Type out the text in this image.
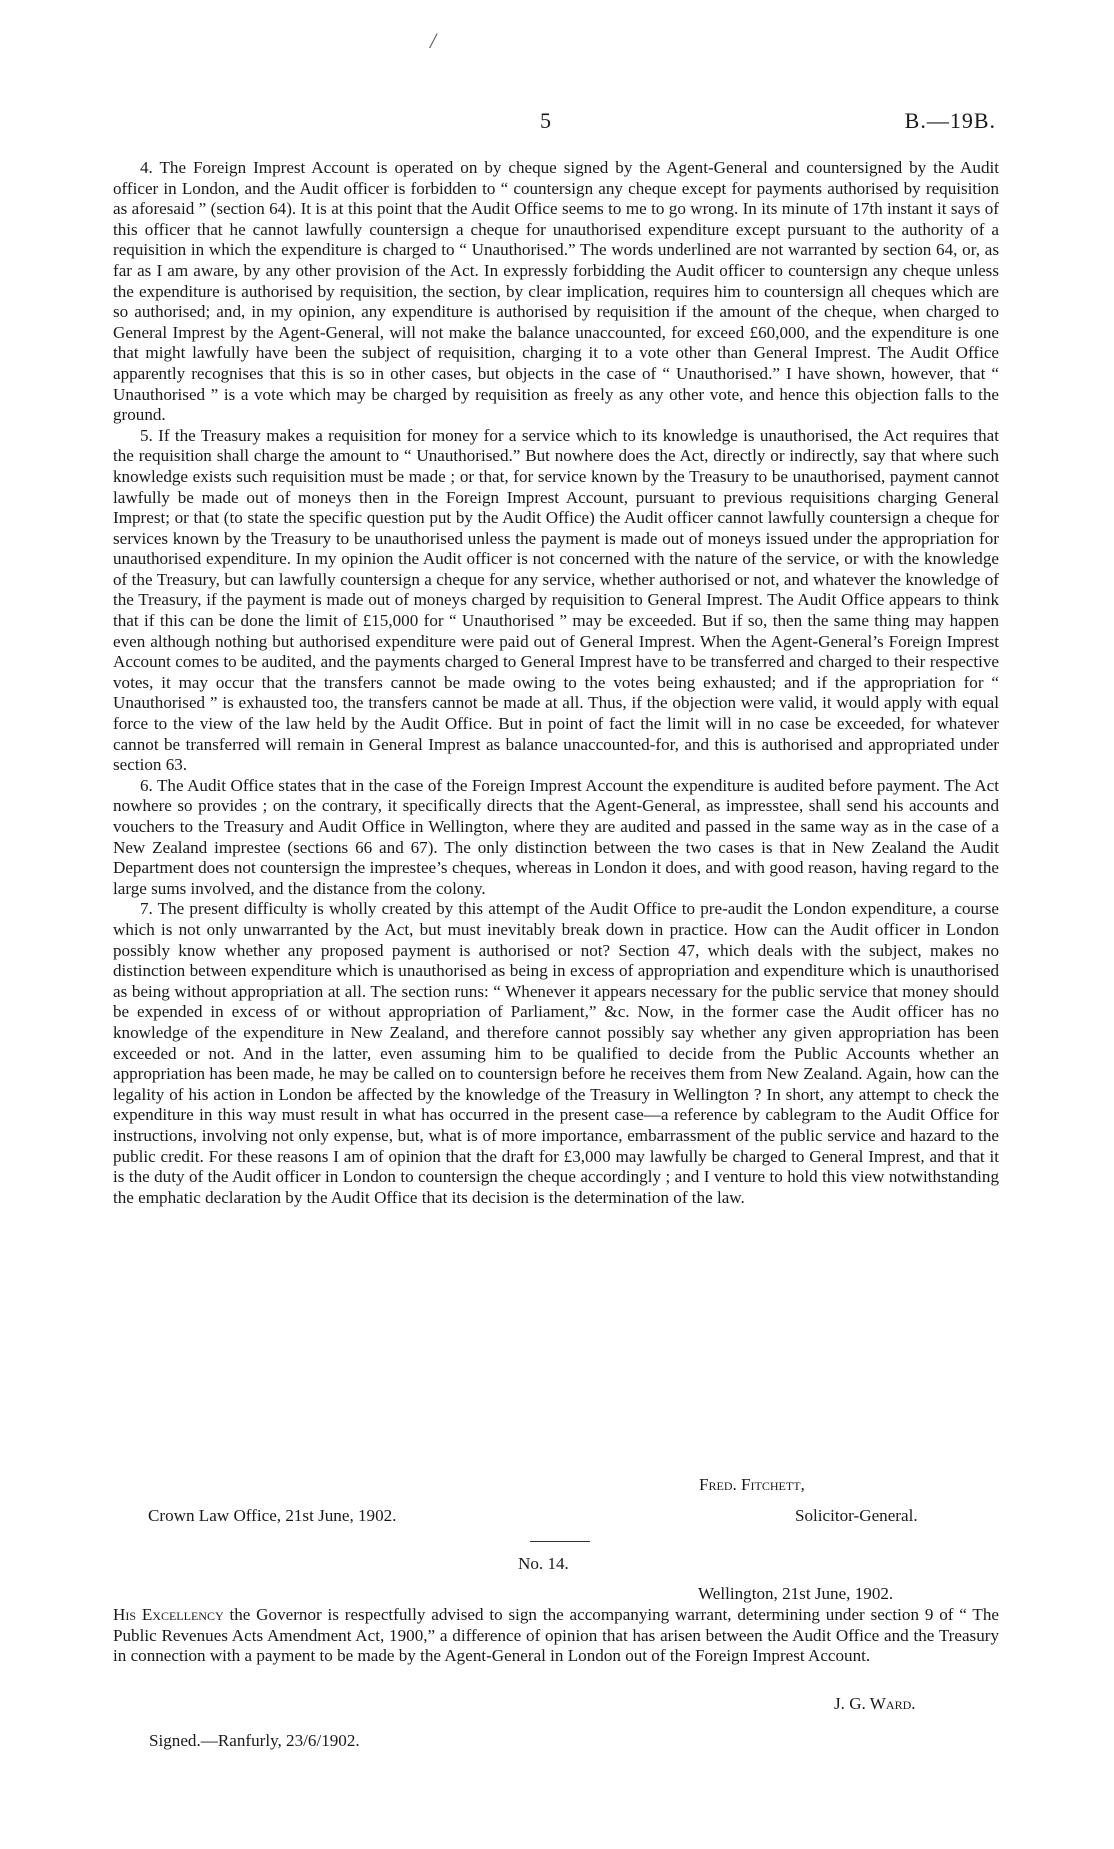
/
5	B.—19B.

4. The Foreign Imprest Account is operated on by cheque signed by the Agent-General and countersigned by the Audit officer in London, and the Audit officer is forbidden to “ countersign any cheque except for payments authorised by requisition as aforesaid ” (section 64). It is at this point that the Audit Office seems to me to go wrong. In its minute of 17th instant it says of this officer that he cannot lawfully countersign a cheque for unauthorised expenditure except pursuant to the authority of a requisition in which the expenditure is charged to “ Unauthorised.” The words underlined are not warranted by section 64, or, as far as I am aware, by any other provision of the Act. In expressly forbidding the Audit officer to countersign any cheque unless the expenditure is authorised by requisition, the section, by clear implication, requires him to countersign all cheques which are so authorised; and, in my opinion, any expenditure is authorised by requisition if the amount of the cheque, when charged to General Imprest by the Agent-General, will not make the balance unaccounted, for exceed £60,000, and the expenditure is one that might lawfully have been the subject of requisition, charging it to a vote other than General Imprest. The Audit Office apparently recognises that this is so in other cases, but objects in the case of “ Unauthorised.” I have shown, however, that “ Unauthorised ” is a vote which may be charged by requisition as freely as any other vote, and hence this objection falls to the ground.

5. If the Treasury makes a requisition for money for a service which to its knowledge is unauthorised, the Act requires that the requisition shall charge the amount to “ Unauthorised.” But nowhere does the Act, directly or indirectly, say that where such knowledge exists such requisition must be made ; or that, for service known by the Treasury to be unauthorised, payment cannot lawfully be made out of moneys then in the Foreign Imprest Account, pursuant to previous requisitions charging General Imprest; or that (to state the specific question put by the Audit Office) the Audit officer cannot lawfully countersign a cheque for services known by the Treasury to be unauthorised unless the payment is made out of moneys issued under the appropriation for unauthorised expenditure. In my opinion the Audit officer is not concerned with the nature of the service, or with the knowledge of the Treasury, but can lawfully countersign a cheque for any service, whether authorised or not, and whatever the knowledge of the Treasury, if the payment is made out of moneys charged by requisition to General Imprest. The Audit Office appears to think that if this can be done the limit of £15,000 for “ Unauthorised ” may be exceeded. But if so, then the same thing may happen even although nothing but authorised expenditure were paid out of General Imprest. When the Agent-General’s Foreign Imprest Account comes to be audited, and the payments charged to General Imprest have to be transferred and charged to their respective votes, it may occur that the transfers cannot be made owing to the votes being exhausted; and if the appropriation for “ Unauthorised ” is exhausted too, the transfers cannot be made at all. Thus, if the objection were valid, it would apply with equal force to the view of the law held by the Audit Office. But in point of fact the limit will in no case be exceeded, for whatever cannot be transferred will remain in General Imprest as balance unaccounted-for, and this is authorised and appropriated under section 63.

6. The Audit Office states that in the case of the Foreign Imprest Account the expenditure is audited before payment. The Act nowhere so provides ; on the contrary, it specifically directs that the Agent-General, as impresstee, shall send his accounts and vouchers to the Treasury and Audit Office in Wellington, where they are audited and passed in the same way as in the case of a New Zealand imprestee (sections 66 and 67). The only distinction between the two cases is that in New Zealand the Audit Department does not countersign the imprestee’s cheques, whereas in London it does, and with good reason, having regard to the large sums involved, and the distance from the colony.

7. The present difficulty is wholly created by this attempt of the Audit Office to pre-audit the London expenditure, a course which is not only unwarranted by the Act, but must inevitably break down in practice. How can the Audit officer in London possibly know whether any proposed payment is authorised or not? Section 47, which deals with the subject, makes no distinction between expenditure which is unauthorised as being in excess of appropriation and expenditure which is unauthorised as being without appropriation at all. The section runs: “ Whenever it appears necessary for the public service that money should be expended in excess of or without appropriation of Parliament,” &c. Now, in the former case the Audit officer has no knowledge of the expenditure in New Zealand, and therefore cannot possibly say whether any given appropriation has been exceeded or not. And in the latter, even assuming him to be qualified to decide from the Public Accounts whether an appropriation has been made, he may be called on to countersign before he receives them from New Zealand. Again, how can the legality of his action in London be affected by the knowledge of the Treasury in Wellington ? In short, any attempt to check the expenditure in this way must result in what has occurred in the present case—a reference by cablegram to the Audit Office for instructions, involving not only expense, but, what is of more importance, embarrassment of the public service and hazard to the public credit. For these reasons I am of opinion that the draft for £3,000 may lawfully be charged to General Imprest, and that it is the duty of the Audit officer in London to countersign the cheque accordingly ; and I venture to hold this view notwithstanding the emphatic declaration by the Audit Office that its decision is the determination of the law.

Fred. Fitchett,
Crown Law Office, 21st June, 1902.	Solicitor-General.
No. 14.
Wellington, 21st June, 1902.
His Excellency the Governor is respectfully advised to sign the accompanying warrant, determining under section 9 of “ The Public Revenues Acts Amendment Act, 1900,” a difference of opinion that has arisen between the Audit Office and the Treasury in connection with a payment to be made by the Agent-General in London out of the Foreign Imprest Account.
J. G. Ward.
Signed.—Ranfurly, 23/6/1902.
